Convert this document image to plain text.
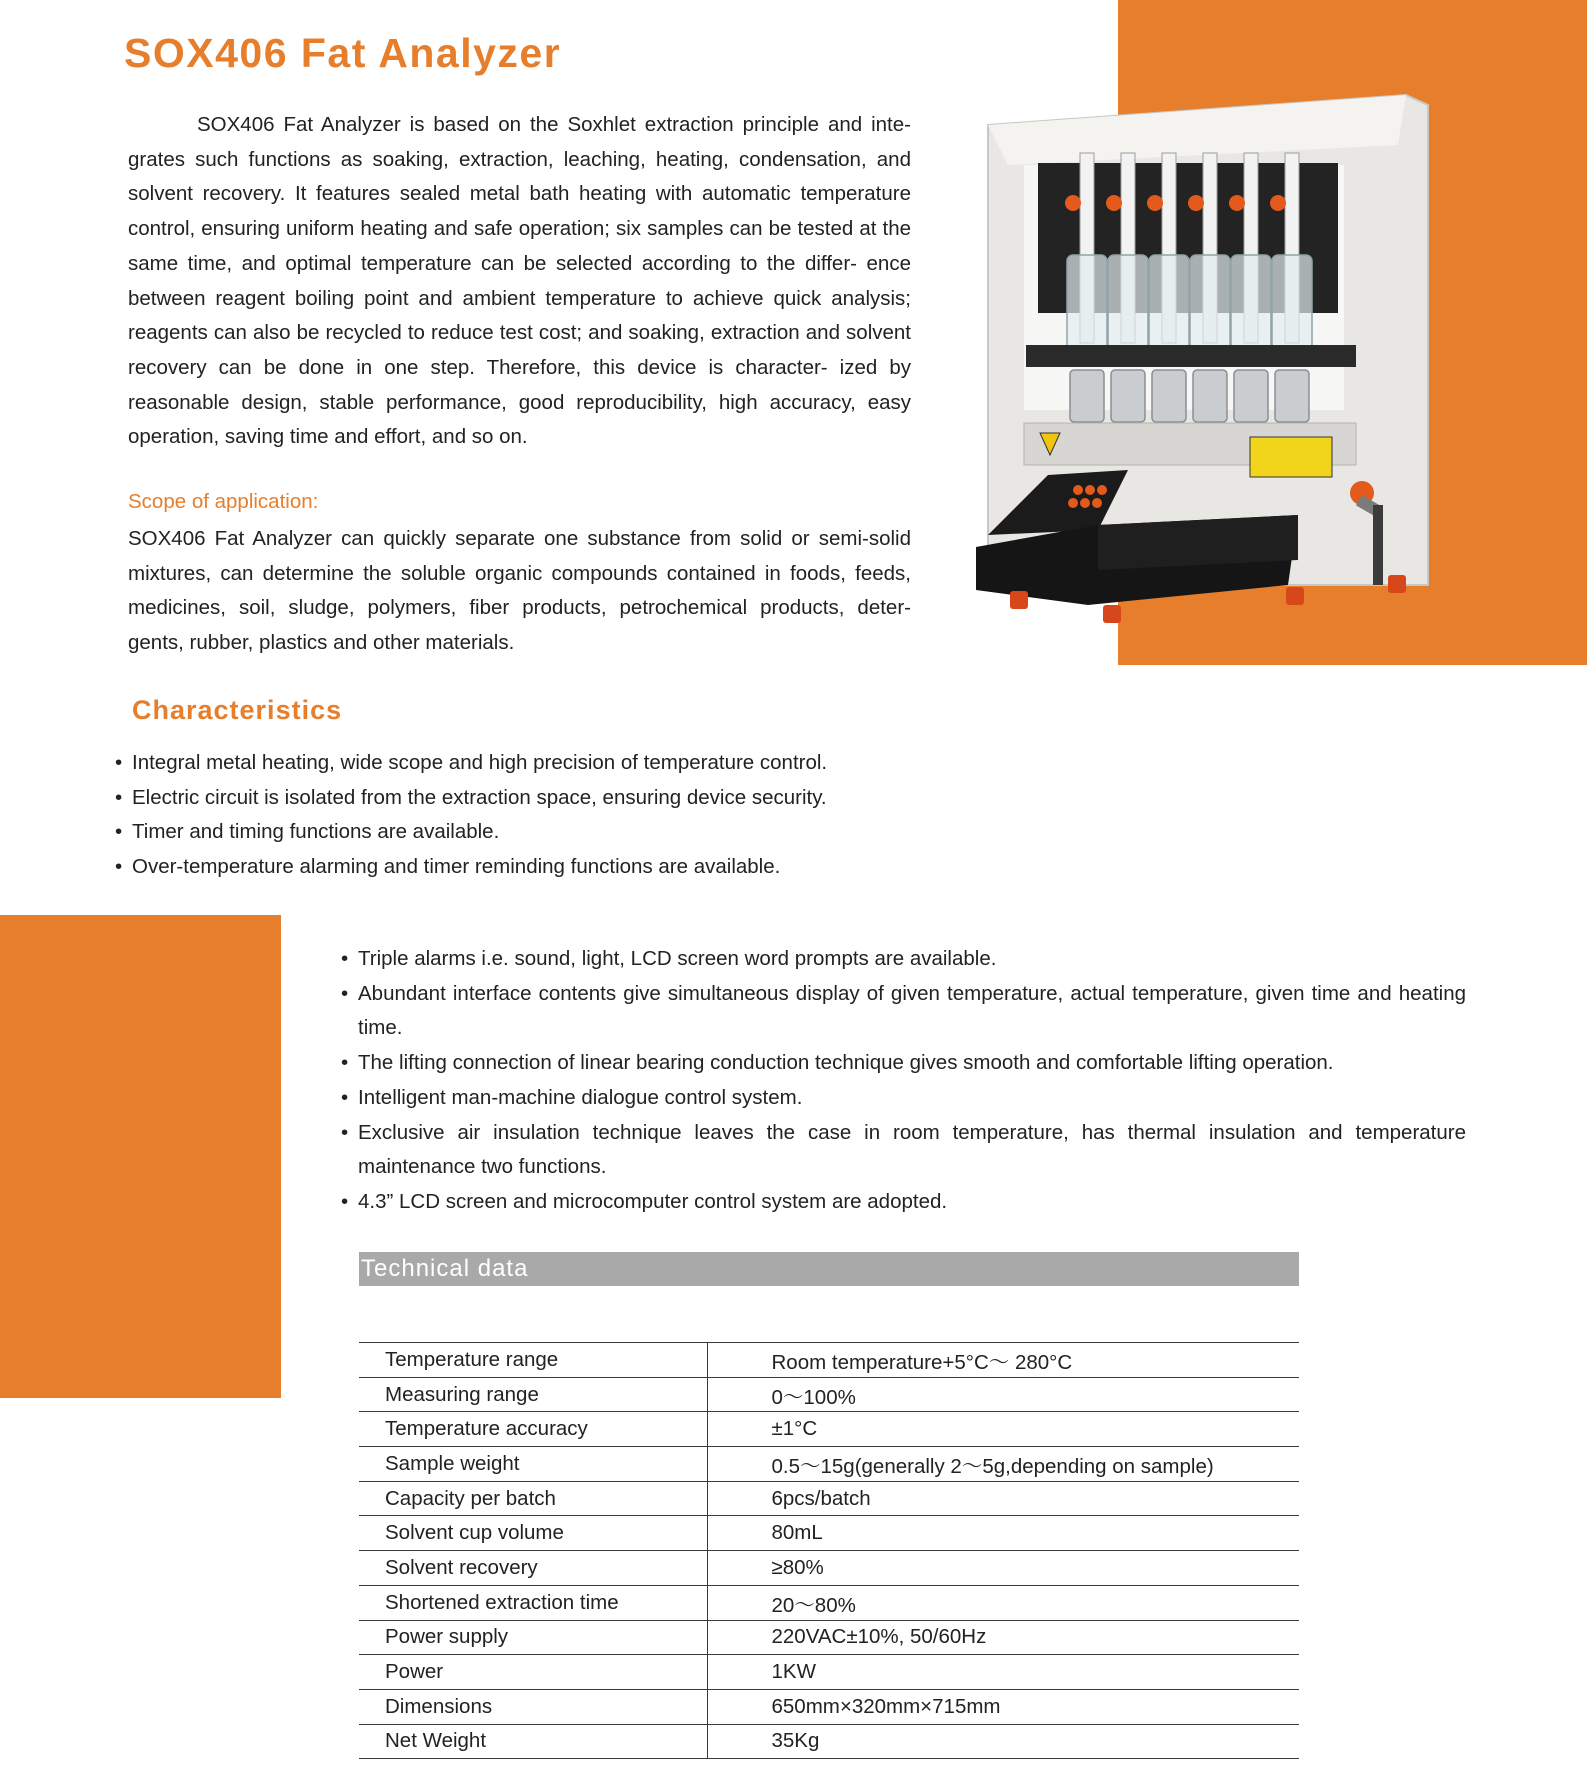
SOX406 Fat Analyzer

SOX406 Fat Analyzer is based on the Soxhlet extraction principle and inte- grates such functions as soaking, extraction, leaching, heating, condensation, and solvent recovery. It features sealed metal bath heating with automatic temperature control, ensuring uniform heating and safe operation; six samples can be tested at the same time, and optimal temperature can be selected according to the differ- ence between reagent boiling point and ambient temperature to achieve quick analysis; reagents can also be recycled to reduce test cost; and soaking, extraction and solvent recovery can be done in one step. Therefore, this device is character- ized by reasonable design, stable performance, good reproducibility, high accuracy, easy operation, saving time and effort, and so on.

Scope of application:

SOX406 Fat Analyzer can quickly separate one substance from solid or semi-solid mixtures, can determine the soluble organic compounds contained in foods, feeds, medicines, soil, sludge, polymers, fiber products, petrochemical products, deter- gents, rubber, plastics and other materials.

Characteristics
• Integral metal heating, wide scope and high precision of temperature control.
• Electric circuit is isolated from the extraction space, ensuring device security.
• Timer and timing functions are available.
• Over-temperature alarming and timer reminding functions are available.
• Triple alarms i.e. sound, light, LCD screen word prompts are available.
• Abundant interface contents give simultaneous display of given temperature, actual temperature, given time and heating time.
• The lifting connection of linear bearing conduction technique gives smooth and comfortable lifting operation.
• Intelligent man-machine dialogue control system.
• Exclusive air insulation technique leaves the case in room temperature, has thermal insulation and temperature maintenance two functions.
• 4.3” LCD screen and microcomputer control system are adopted.
Technical data
Temperature range	Room temperature+5°C～ 280°C
Measuring range	0～100%
Temperature accuracy	±1°C
Sample weight	0.5～15g(generally 2～5g,depending on sample)
Capacity per batch	6pcs/batch
Solvent cup volume	80mL
Solvent recovery	≥80%
Shortened extraction time	20～80%
Power supply	220VAC±10%, 50/60Hz
Power	1KW
Dimensions	650mm×320mm×715mm
Net Weight	35Kg
